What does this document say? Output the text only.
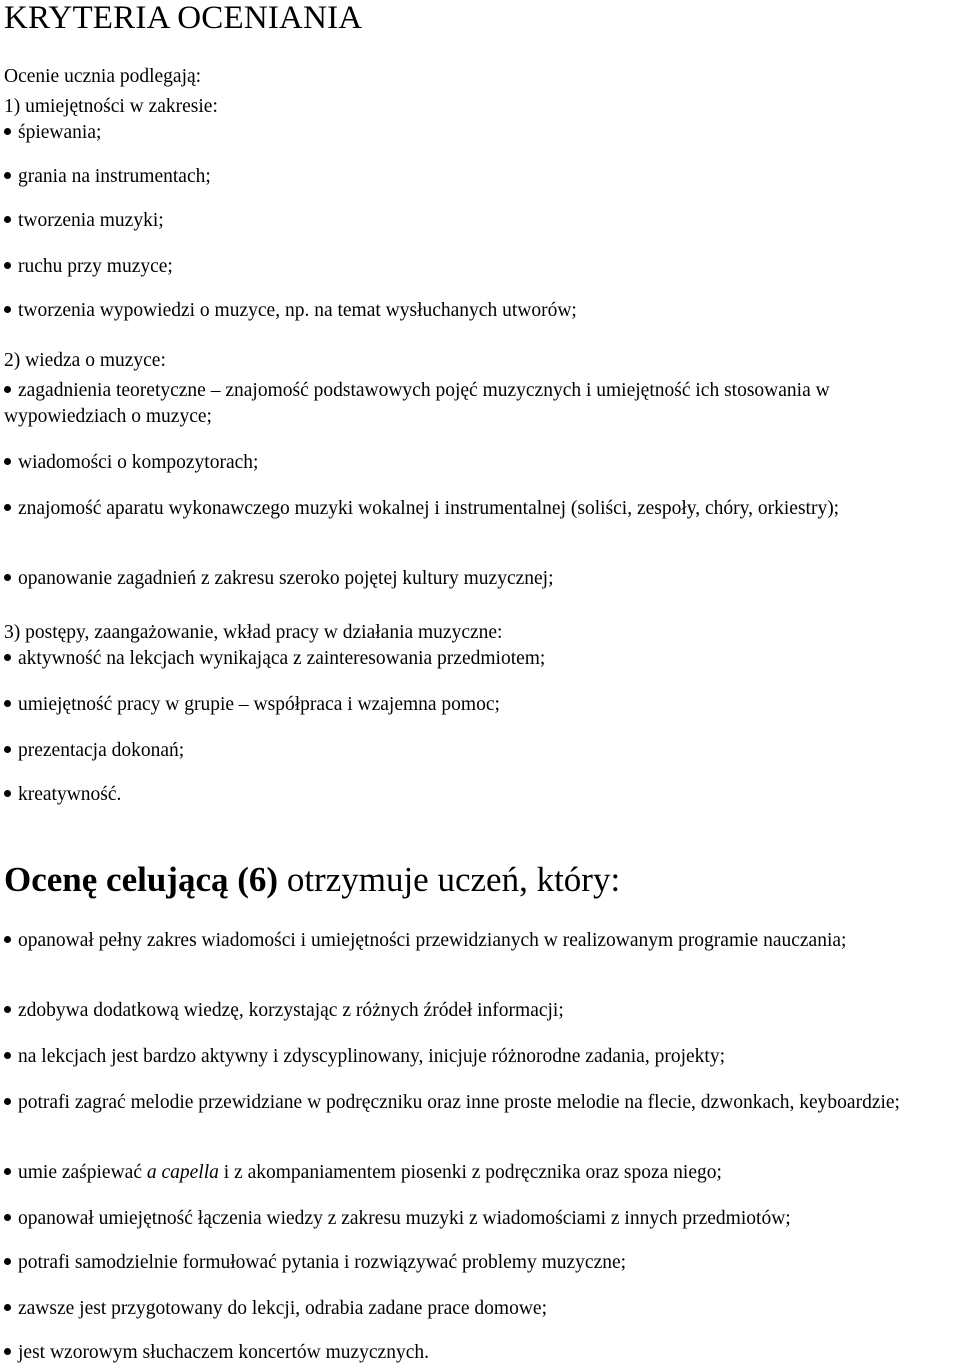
KRYTERIA OCENIANIA

Ocenie ucznia podlegają:

1) umiejętności w zakresie:

śpiewania;

grania na instrumentach;

tworzenia muzyki;

ruchu przy muzyce;

tworzenia wypowiedzi o muzyce, np. na temat wysłuchanych utworów;

2) wiedza o muzyce:

zagadnienia teoretyczne – znajomość podstawowych pojęć muzycznych i umiejętność ich stosowania w wypowiedziach o muzyce;

wiadomości o kompozytorach;

znajomość aparatu wykonawczego muzyki wokalnej i instrumentalnej (soliści, zespoły, chóry, orkiestry);

opanowanie zagadnień z zakresu szeroko pojętej kultury muzycznej;

3) postępy, zaangażowanie, wkład pracy w działania muzyczne:

aktywność na lekcjach wynikająca z zainteresowania przedmiotem;

umiejętność pracy w grupie – współpraca i wzajemna pomoc;

prezentacja dokonań;

kreatywność.

Ocenę celującą (6) otrzymuje uczeń, który:

opanował pełny zakres wiadomości i umiejętności przewidzianych w realizowanym programie nauczania;

zdobywa dodatkową wiedzę, korzystając z różnych źródeł informacji;

na lekcjach jest bardzo aktywny i zdyscyplinowany, inicjuje różnorodne zadania, projekty;

potrafi zagrać melodie przewidziane w podręczniku oraz inne proste melodie na flecie, dzwonkach, keyboardzie;

umie zaśpiewać a capella i z akompaniamentem piosenki z podręcznika oraz spoza niego;

opanował umiejętność łączenia wiedzy z zakresu muzyki z wiadomościami z innych przedmiotów;

potrafi samodzielnie formułować pytania i rozwiązywać problemy muzyczne;

zawsze jest przygotowany do lekcji, odrabia zadane prace domowe;

jest wzorowym słuchaczem koncertów muzycznych.
